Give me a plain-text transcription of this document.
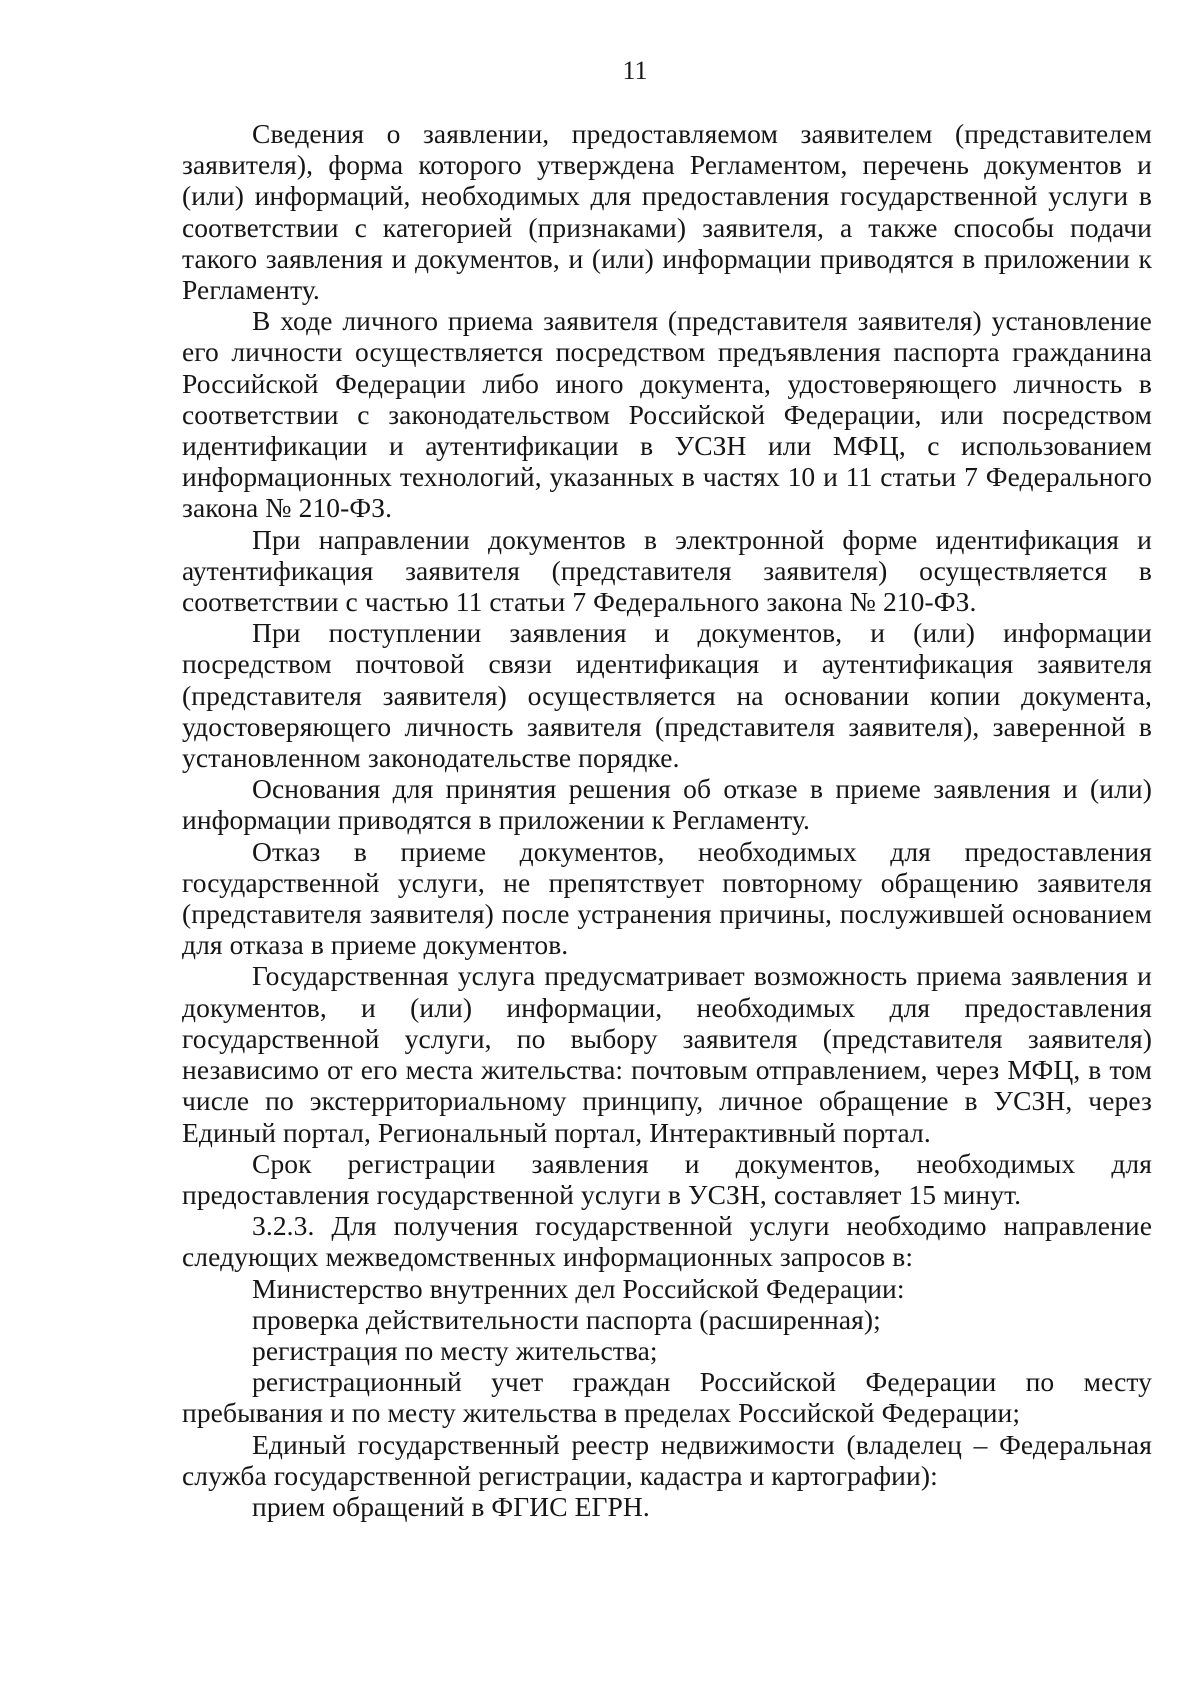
11

Сведения о заявлении, предоставляемом заявителем (представителем заявителя), форма которого утверждена Регламентом, перечень документов и (или) информаций, необходимых для предоставления государственной услуги в соответствии с категорией (признаками) заявителя, а также способы подачи такого заявления и документов, и (или) информации приводятся в приложении к Регламенту.

В ходе личного приема заявителя (представителя заявителя) установление его личности осуществляется посредством предъявления паспорта гражданина Российской Федерации либо иного документа, удостоверяющего личность в соответствии с законодательством Российской Федерации, или посредством идентификации и аутентификации в УСЗН или МФЦ, с использованием информационных технологий, указанных в частях 10 и 11 статьи 7 Федерального закона № 210-ФЗ.

При направлении документов в электронной форме идентификация и аутентификация заявителя (представителя заявителя) осуществляется в соответствии с частью 11 статьи 7 Федерального закона № 210-ФЗ.

При поступлении заявления и документов, и (или) информации посредством почтовой связи идентификация и аутентификация заявителя (представителя заявителя) осуществляется на основании копии документа, удостоверяющего личность заявителя (представителя заявителя), заверенной в установленном законодательстве порядке.

Основания для принятия решения об отказе в приеме заявления и (или) информации приводятся в приложении к Регламенту.

Отказ в приеме документов, необходимых для предоставления государственной услуги, не препятствует повторному обращению заявителя (представителя заявителя) после устранения причины, послужившей основанием для отказа в приеме документов.

Государственная услуга предусматривает возможность приема заявления и документов, и (или) информации, необходимых для предоставления государственной услуги, по выбору заявителя (представителя заявителя) независимо от его места жительства: почтовым отправлением, через МФЦ, в том числе по экстерриториальному принципу, личное обращение в УСЗН, через Единый портал, Региональный портал, Интерактивный портал.

Срок регистрации заявления и документов, необходимых для предоставления государственной услуги в УСЗН, составляет 15 минут.

3.2.3. Для получения государственной услуги необходимо направление следующих межведомственных информационных запросов в:

Министерство внутренних дел Российской Федерации:

проверка действительности паспорта (расширенная);

регистрация по месту жительства;

регистрационный учет граждан Российской Федерации по месту пребывания и по месту жительства в пределах Российской Федерации;

Единый государственный реестр недвижимости (владелец – Федеральная служба государственной регистрации, кадастра и картографии):

прием обращений в ФГИС ЕГРН.
